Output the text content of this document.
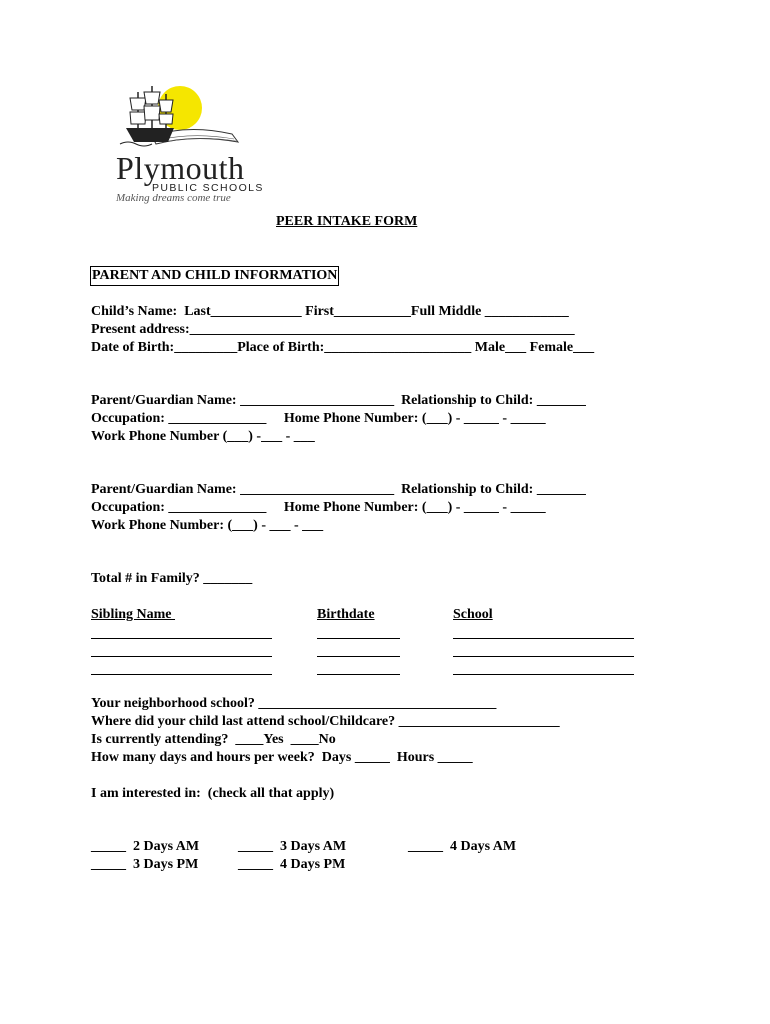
Plymouth
PUBLIC SCHOOLS
Making dreams come true
PEER INTAKE FORM
PARENT AND CHILD INFORMATION
Child’s Name:  Last_____________ First___________Full Middle ____________
Present address:_______________________________________________________
Date of Birth:_________Place of Birth:_____________________ Male___ Female___
Parent/Guardian Name: ______________________  Relationship to Child: _______
Occupation: ______________     Home Phone Number: (___) - _____ - _____
Work Phone Number (___) -___ - ___
Parent/Guardian Name: ______________________  Relationship to Child: _______
Occupation: ______________     Home Phone Number: (___) - _____ - _____
Work Phone Number: (___) - ___ - ___
Total # in Family? _______
Sibling Name	Birthdate	School
Your neighborhood school? __________________________________
Where did your child last attend school/Childcare? _______________________
Is currently attending?  ____Yes  ____No
How many days and hours per week?  Days _____  Hours _____
I am interested in:  (check all that apply)
_____  2 Days AM
_____  3 Days PM
_____  3 Days AM
_____  4 Days PM
_____  4 Days AM
